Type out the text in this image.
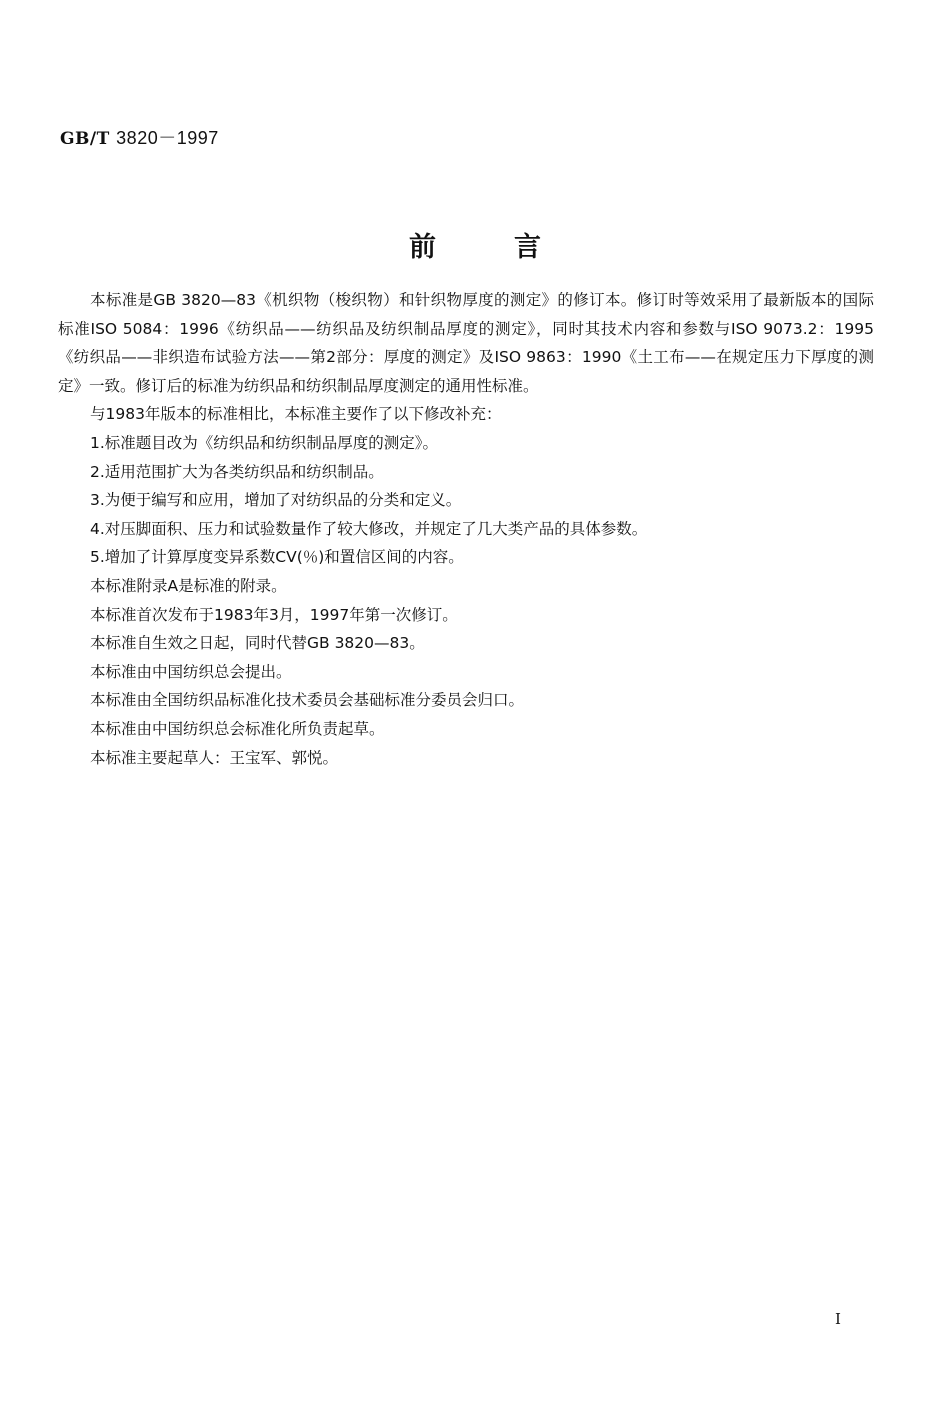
GB/T 3820－1997
前言

本标准是GB 3820—83《机织物（梭织物）和针织物厚度的测定》的修订本。修订时等效采用了最新版本的国际标准ISO 5084：1996《纺织品——纺织品及纺织制品厚度的测定》，同时其技术内容和参数与ISO 9073.2：1995《纺织品——非织造布试验方法——第2部分：厚度的测定》及ISO 9863：1990《土工布——在规定压力下厚度的测定》一致。修订后的标准为纺织品和纺织制品厚度测定的通用性标准。

与1983年版本的标准相比，本标准主要作了以下修改补充：

1.标准题目改为《纺织品和纺织制品厚度的测定》。

2.适用范围扩大为各类纺织品和纺织制品。

3.为便于编写和应用，增加了对纺织品的分类和定义。

4.对压脚面积、压力和试验数量作了较大修改，并规定了几大类产品的具体参数。

5.增加了计算厚度变异系数CV(％)和置信区间的内容。

本标准附录A是标准的附录。

本标准首次发布于1983年3月，1997年第一次修订。

本标准自生效之日起，同时代替GB 3820—83。

本标准由中国纺织总会提出。

本标准由全国纺织品标准化技术委员会基础标准分委员会归口。

本标准由中国纺织总会标准化所负责起草。

本标准主要起草人：王宝军、郭悦。

I
